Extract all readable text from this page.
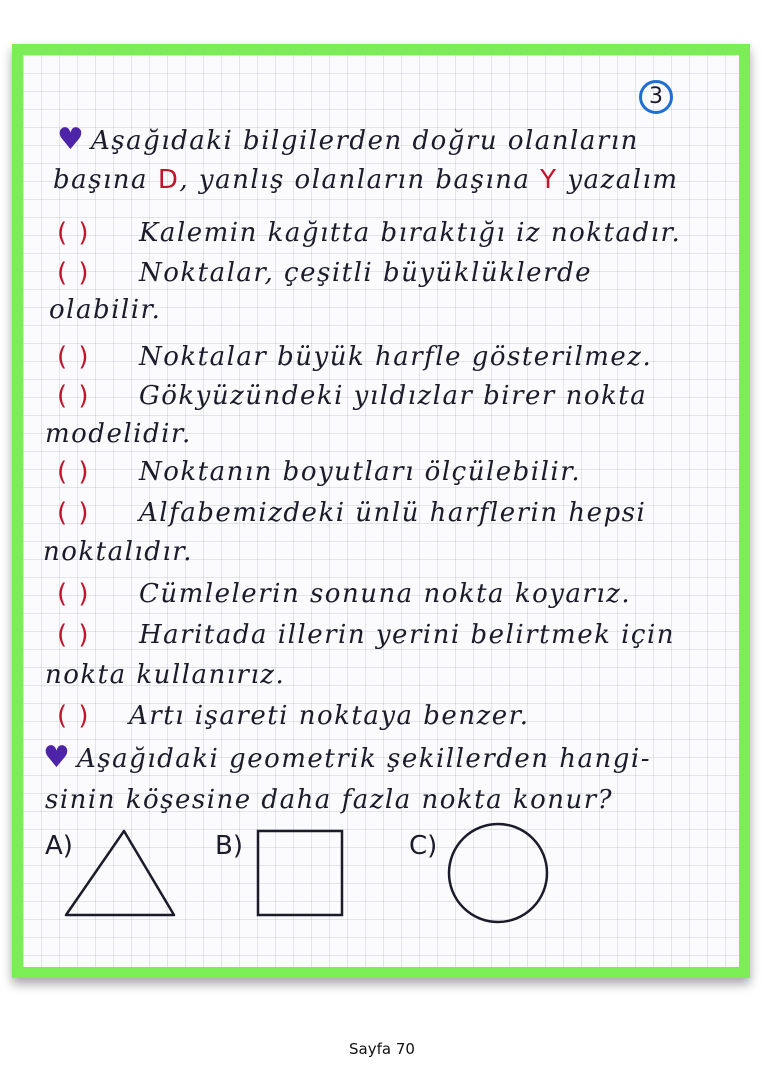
3
♥ Aşağıdaki bilgilerden doğru olanların
başına D, yanlış olanların başına Y yazalım
( ) Kalemin kağıtta bıraktığı iz noktadır.
( ) Noktalar, çeşitli büyüklüklerde
olabilir.
( ) Noktalar büyük harfle gösterilmez.
( ) Gökyüzündeki yıldızlar birer nokta
modelidir.
( ) Noktanın boyutları ölçülebilir.
( ) Alfabemizdeki ünlü harflerin hepsi
noktalıdır.
( ) Cümlelerin sonuna nokta koyarız.
( ) Haritada illerin yerini belirtmek için
nokta kullanırız.
( ) Artı işareti noktaya benzer.
♥ Aşağıdaki geometrik şekillerden hangi-
sinin köşesine daha fazla nokta konur?
A)	B)	C)
Sayfa 70
